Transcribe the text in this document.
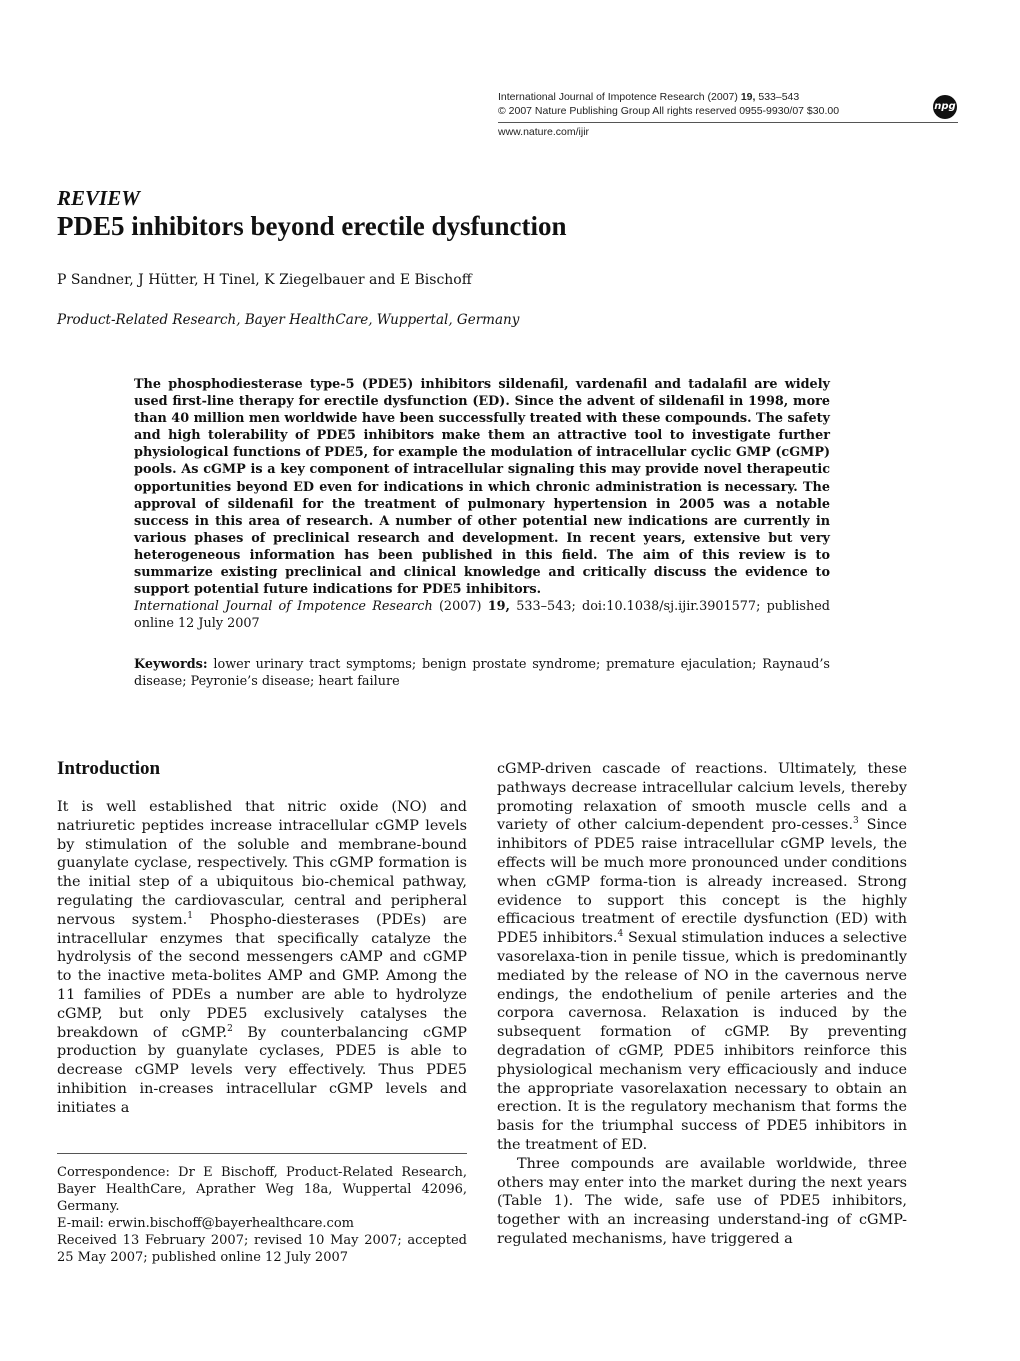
International Journal of Impotence Research (2007) 19, 533–543
© 2007 Nature Publishing Group All rights reserved 0955-9930/07 $30.00	npg
www.nature.com/ijir
REVIEW
PDE5 inhibitors beyond erectile dysfunction
P Sandner, J Hütter, H Tinel, K Ziegelbauer and E Bischoff
Product-Related Research, Bayer HealthCare, Wuppertal, Germany
The phosphodiesterase type-5 (PDE5) inhibitors sildenafil, vardenafil and tadalafil are widely used first-line therapy for erectile dysfunction (ED). Since the advent of sildenafil in 1998, more than 40 million men worldwide have been successfully treated with these compounds. The safety and high tolerability of PDE5 inhibitors make them an attractive tool to investigate further physiological functions of PDE5, for example the modulation of intracellular cyclic GMP (cGMP) pools. As cGMP is a key component of intracellular signaling this may provide novel therapeutic opportunities beyond ED even for indications in which chronic administration is necessary. The approval of sildenafil for the treatment of pulmonary hypertension in 2005 was a notable success in this area of research. A number of other potential new indications are currently in various phases of preclinical research and development. In recent years, extensive but very heterogeneous information has been published in this field. The aim of this review is to summarize existing preclinical and clinical knowledge and critically discuss the evidence to support potential future indications for PDE5 inhibitors.
International Journal of Impotence Research (2007) 19, 533–543; doi:10.1038/sj.ijir.3901577; published online 12 July 2007
Keywords: lower urinary tract symptoms; benign prostate syndrome; premature ejaculation; Raynaud’s disease; Peyronie’s disease; heart failure
Introduction

It is well established that nitric oxide (NO) and natriuretic peptides increase intracellular cGMP levels by stimulation of the soluble and membrane-bound guanylate cyclase, respectively. This cGMP formation is the initial step of a ubiquitous bio-chemical pathway, regulating the cardiovascular, central and peripheral nervous system.$^1$ Phospho-diesterases (PDEs) are intracellular enzymes that specifically catalyze the hydrolysis of the second messengers cAMP and cGMP to the inactive meta-bolites AMP and GMP. Among the 11 families of PDEs a number are able to hydrolyze cGMP, but only PDE5 exclusively catalyses the breakdown of cGMP.$^2$ By counterbalancing cGMP production by guanylate cyclases, PDE5 is able to decrease cGMP levels very effectively. Thus PDE5 inhibition in-creases intracellular cGMP levels and initiates a

cGMP-driven cascade of reactions. Ultimately, these pathways decrease intracellular calcium levels, thereby promoting relaxation of smooth muscle cells and a variety of other calcium-dependent pro-cesses.$^3$ Since inhibitors of PDE5 raise intracellular cGMP levels, the effects will be much more pronounced under conditions when cGMP forma-tion is already increased. Strong evidence to support this concept is the highly efficacious treatment of erectile dysfunction (ED) with PDE5 inhibitors.$^4$ Sexual stimulation induces a selective vasorelaxa-tion in penile tissue, which is predominantly mediated by the release of NO in the cavernous nerve endings, the endothelium of penile arteries and the corpora cavernosa. Relaxation is induced by the subsequent formation of cGMP. By preventing degradation of cGMP, PDE5 inhibitors reinforce this physiological mechanism very efficaciously and induce the appropriate vasorelaxation necessary to obtain an erection. It is the regulatory mechanism that forms the basis for the triumphal success of PDE5 inhibitors in the treatment of ED.

Three compounds are available worldwide, three others may enter into the market during the next years (Table 1). The wide, safe use of PDE5 inhibitors, together with an increasing understand-ing of cGMP-regulated mechanisms, have triggered a

Correspondence: Dr E Bischoff, Product-Related Research, Bayer HealthCare, Aprather Weg 18a, Wuppertal 42096, Germany.
E-mail: erwin.bischoff@bayerhealthcare.com
Received 13 February 2007; revised 10 May 2007; accepted 25 May 2007; published online 12 July 2007
